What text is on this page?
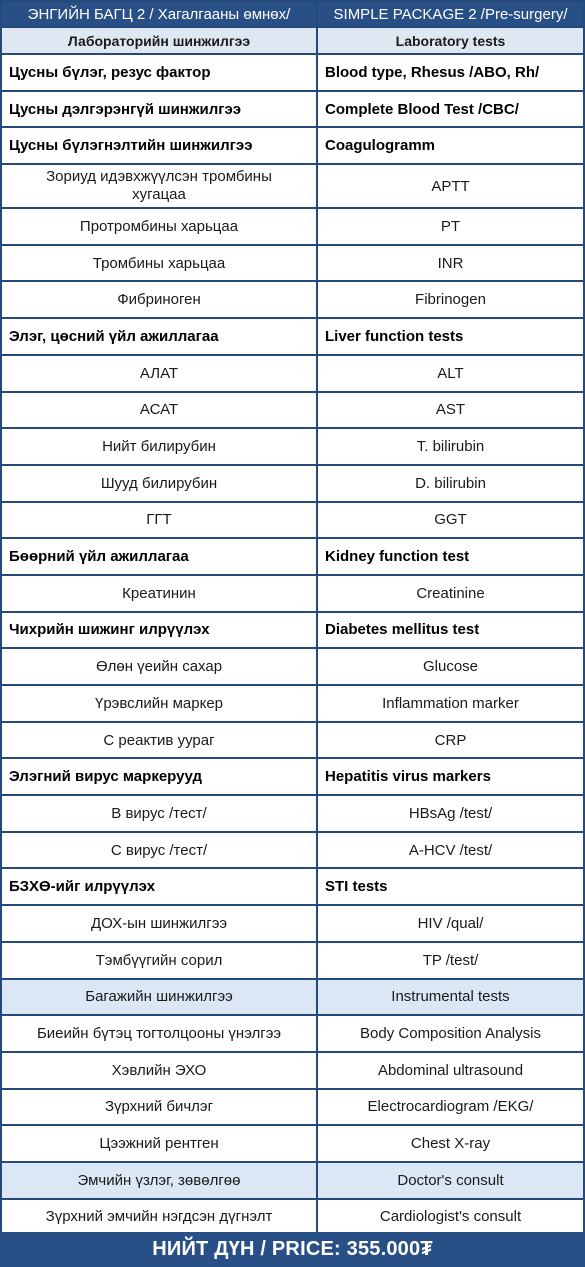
ЭНГИЙН БАГЦ 2 / Хагалгааны өмнөх/	SIMPLE PACKAGE 2 /Pre-surgery/
Лабораторийн шинжилгээ	Laboratory tests
Цусны бүлэг, резус фактор	Blood type, Rhesus /ABO, Rh/
Цусны дэлгэрэнгүй шинжилгээ	Complete Blood Test /CBC/
Цусны бүлэгнэлтийн шинжилгээ	Coagulogramm
Зориуд идэвхжүүлсэн тромбины хугацаа	APTT
Протромбины харьцаа	PT
Тромбины харьцаа	INR
Фибриноген	Fibrinogen
Элэг, цөсний үйл ажиллагаа	Liver function tests
АЛАТ	ALT
АСАТ	AST
Нийт билирубин	T. bilirubin
Шууд билирубин	D. bilirubin
ГГТ	GGT
Бөөрний үйл ажиллагаа	Kidney function test
Креатинин	Creatinine
Чихрийн шижинг илрүүлэх	Diabetes mellitus test
Өлөн үеийн сахар	Glucose
Үрэвслийн маркер	Inflammation marker
С реактив уураг	CRP
Элэгний вирус маркерууд	Hepatitis virus markers
В вирус /тест/	HBsAg /test/
С вирус /тест/	A-HCV /test/
БЗХӨ-ийг илрүүлэх	STI tests
ДОХ-ын шинжилгээ	HIV /qual/
Тэмбүүгийн сорил	TP /test/
Багажийн шинжилгээ	Instrumental tests
Биеийн бүтэц тогтолцооны үнэлгээ	Body Composition Analysis
Хэвлийн ЭХО	Abdominal ultrasound
Зүрхний бичлэг	Electrocardiogram /EKG/
Цээжний рентген	Chest X-ray
Эмчийн үзлэг, зөвөлгөө	Doctor's consult
Зүрхний эмчийн нэгдсэн дүгнэлт	Cardiologist's consult
НИЙТ ДҮН / PRICE: 355.000₮
